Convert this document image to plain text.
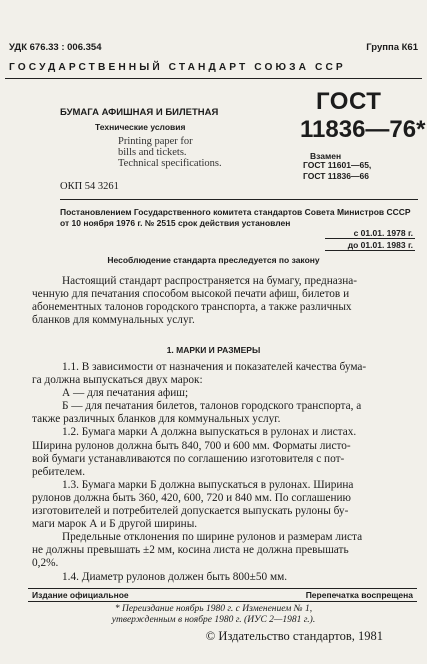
УДК 676.33 : 006.354	Группа К61
ГОСУДАРСТВЕННЫЙ СТАНДАРТ СОЮЗА ССР
БУМАГА АФИШНАЯ И БИЛЕТНАЯ
Технические условия
Printing paper for
bills and tickets.
Technical specifications.
ОКП 54 3261
ГОСТ
11836—76*
Взамен
ГОСТ 11601—65,
ГОСТ 11836—66
Постановлением Государственного комитета стандартов Совета Министров СССР
от 10 ноября 1976 г. № 2515 срок действия установлен
с 01.01. 1978 г.
до 01.01. 1983 г.
Несоблюдение стандарта преследуется по закону
Настоящий стандарт распространяется на бумагу, предназна-
ченную для печатания способом высокой печати афиш, билетов и
абонементных талонов городского транспорта, а также различных
бланков для коммунальных услуг.
1. МАРКИ И РАЗМЕРЫ
1.1. В зависимости от назначения и показателей качества бума-
га должна выпускаться двух марок:
А — для печатания афиш;
Б — для печатания билетов, талонов городского транспорта, а
также различных бланков для коммунальных услуг.
1.2. Бумага марки А должна выпускаться в рулонах и листах.
Ширина рулонов должна быть 840, 700 и 600 мм. Форматы листо-
вой бумаги устанавливаются по соглашению изготовителя с пот-
ребителем.
1.3. Бумага марки Б должна выпускаться в рулонах. Ширина
рулонов должна быть 360, 420, 600, 720 и 840 мм. По соглашению
изготовителей и потребителей допускается выпускать рулоны бу-
маги марок А и Б другой ширины.
Предельные отклонения по ширине рулонов и размерам листа
не должны превышать ±2 мм, косина листа не должна превышать
0,2%.
1.4. Диаметр рулонов должен быть 800±50 мм.
Издание официальное	Перепечатка воспрещена
* Переиздание ноябрь 1980 г. с Изменением № 1,
утвержденным в ноябре 1980 г. (ИУС 2—1981 г.).
© Издательство стандартов, 1981
